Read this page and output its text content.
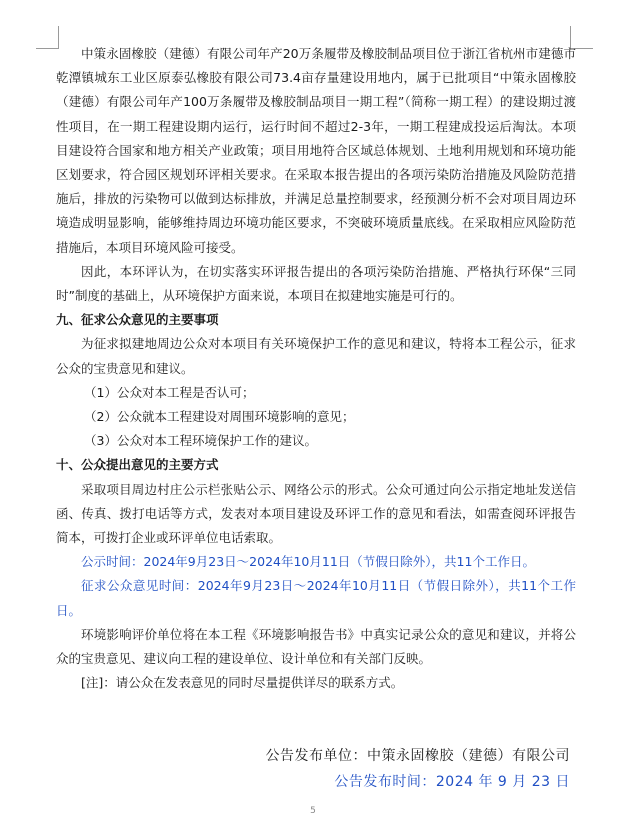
中策永固橡胶（建德）有限公司年产20万条履带及橡胶制品项目位于浙江省杭州市建德市乾潭镇城东工业区原泰弘橡胶有限公司73.4亩存量建设用地内，属于已批项目“中策永固橡胶（建德）有限公司年产100万条履带及橡胶制品项目一期工程”（简称一期工程）的建设期过渡性项目，在一期工程建设期内运行，运行时间不超过2-3年，一期工程建成投运后淘汰。本项目建设符合国家和地方相关产业政策；项目用地符合区域总体规划、土地利用规划和环境功能区划要求，符合园区规划环评相关要求。在采取本报告提出的各项污染防治措施及风险防范措施后，排放的污染物可以做到达标排放，并满足总量控制要求，经预测分析不会对项目周边环境造成明显影响，能够维持周边环境功能区要求，不突破环境质量底线。在采取相应风险防范措施后，本项目环境风险可接受。

因此，本环评认为，在切实落实环评报告提出的各项污染防治措施、严格执行环保“三同时”制度的基础上，从环境保护方面来说，本项目在拟建地实施是可行的。

九、征求公众意见的主要事项

为征求拟建地周边公众对本项目有关环境保护工作的意见和建议，特将本工程公示，征求公众的宝贵意见和建议。

（1）公众对本工程是否认可；

（2）公众就本工程建设对周围环境影响的意见；

（3）公众对本工程环境保护工作的建议。

十、公众提出意见的主要方式

采取项目周边村庄公示栏张贴公示、网络公示的形式。公众可通过向公示指定地址发送信函、传真、拨打电话等方式，发表对本项目建设及环评工作的意见和看法，如需查阅环评报告简本，可拨打企业或环评单位电话索取。

公示时间：2024年9月23日～2024年10月11日（节假日除外），共11个工作日。

征求公众意见时间：2024年9月23日～2024年10月11日（节假日除外），共11个工作日。

环境影响评价单位将在本工程《环境影响报告书》中真实记录公众的意见和建议，并将公众的宝贵意见、建议向工程的建设单位、设计单位和有关部门反映。

[注]：请公众在发表意见的同时尽量提供详尽的联系方式。

公告发布单位：中策永固橡胶（建德）有限公司
公告发布时间：2024 年 9 月 23 日
5
